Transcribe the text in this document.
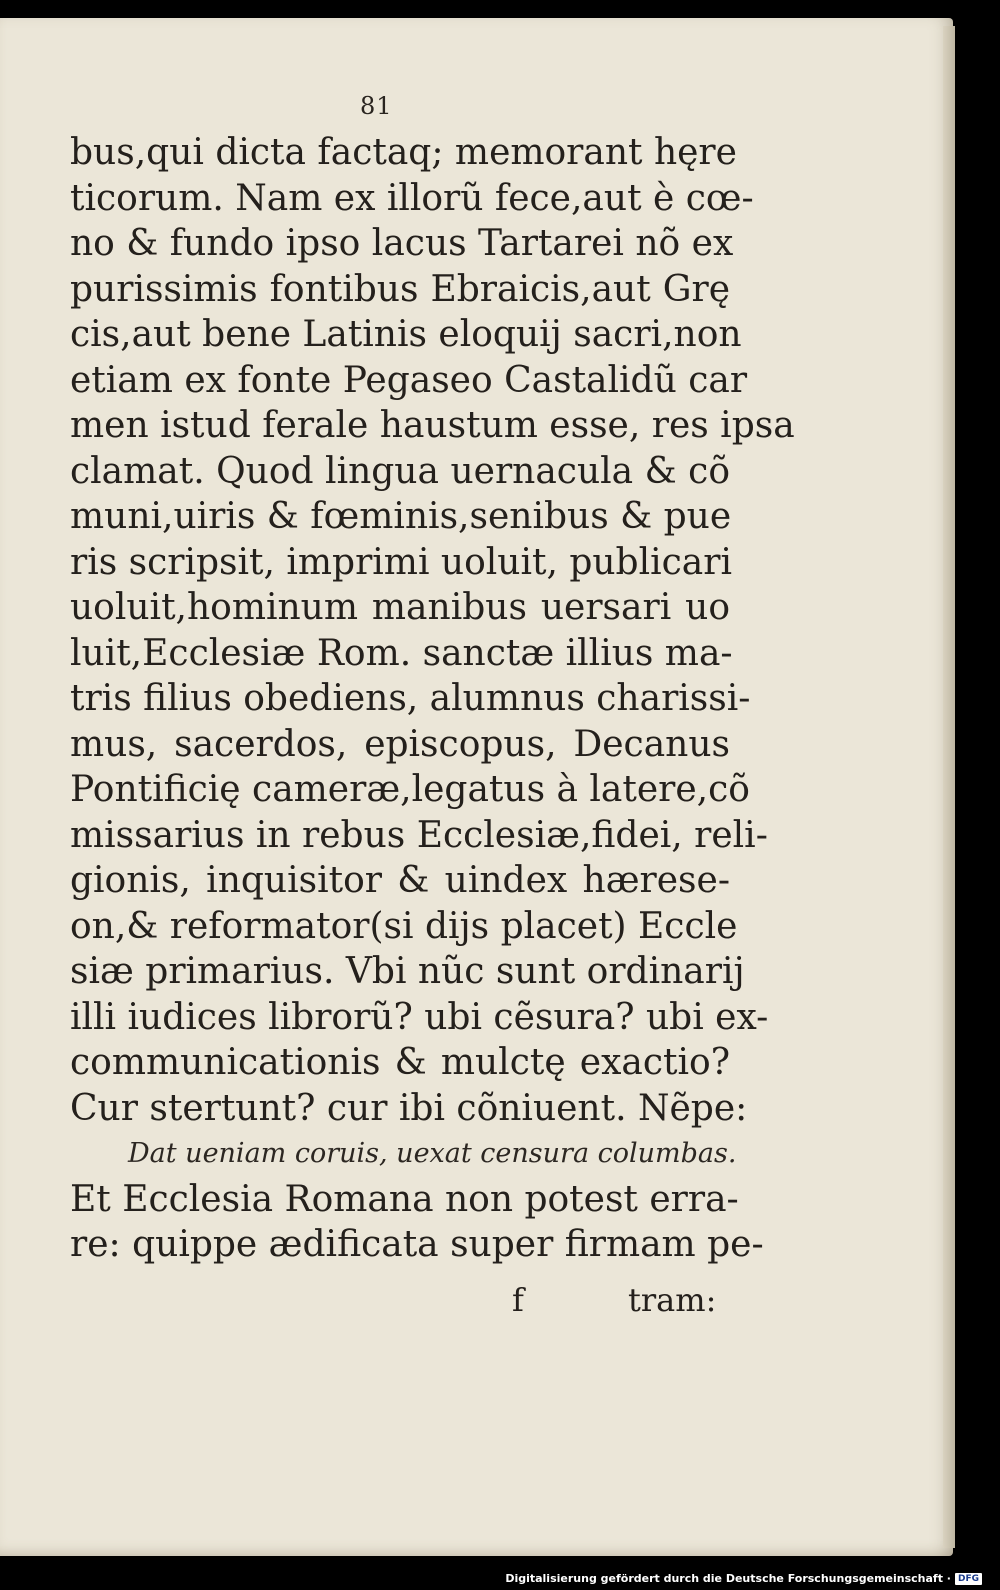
81
bus,qui dicta factaq; memorant hęre
ticorum. Nam ex illorũ fece,aut è cœ-
no & fundo ipso lacus Tartarei nõ ex
purissimis fontibus Ebraicis,aut Grę
cis,aut bene Latinis eloquij sacri,non
etiam ex fonte Pegaseo Castalidũ car
men istud ferale haustum esse, res ipsa
clamat. Quod lingua uernacula & cõ
muni,uiris & fœminis,senibus & pue
ris scripsit, imprimi uoluit, publicari
uoluit,hominum manibus uersari uo
luit,Ecclesiæ Rom. sanctæ illius ma-
tris filius obediens, alumnus charissi-
mus, sacerdos, episcopus, Decanus
Pontificię cameræ,legatus à latere,cõ
missarius in rebus Ecclesiæ,fidei, reli-
gionis, inquisitor & uindex hærese-
on,& reformator(si dijs placet) Eccle
siæ primarius. Vbi nũc sunt ordinarij
illi iudices librorũ? ubi cẽsura? ubi ex-
communicationis & mulctę exactio?
Cur stertunt? cur ibi cõniuent. Nẽpe:
Dat ueniam coruis, uexat censura columbas.
Et Ecclesia Romana non potest erra-
re: quippe ædificata super firmam pe-
f	tram:
Digitalisierung gefördert durch die Deutsche Forschungsgemeinschaft · DFG
